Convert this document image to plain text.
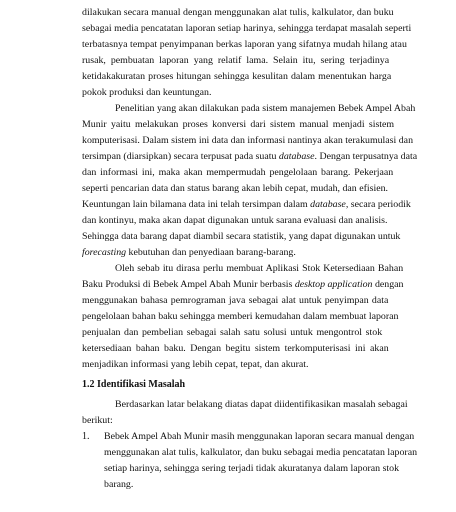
dilakukan secara manual dengan menggunakan alat tulis, kalkulator, dan buku
sebagai media pencatatan laporan setiap harinya, sehingga terdapat masalah seperti
terbatasnya tempat penyimpanan berkas laporan yang sifatnya mudah hilang atau
rusak, pembuatan laporan yang relatif lama. Selain itu, sering terjadinya
ketidakakuratan proses hitungan sehingga kesulitan dalam menentukan harga
pokok produksi dan keuntungan.
Penelitian yang akan dilakukan pada sistem manajemen Bebek Ampel Abah
Munir yaitu melakukan proses konversi dari sistem manual menjadi sistem
komputerisasi. Dalam sistem ini data dan informasi nantinya akan terakumulasi dan
tersimpan (diarsipkan) secara terpusat pada suatu database. Dengan terpusatnya data
dan informasi ini, maka akan mempermudah pengelolaan barang. Pekerjaan
seperti pencarian data dan status barang akan lebih cepat, mudah, dan efisien.
Keuntungan lain bilamana data ini telah tersimpan dalam database, secara periodik
dan kontinyu, maka akan dapat digunakan untuk sarana evaluasi dan analisis.
Sehingga data barang dapat diambil secara statistik, yang dapat digunakan untuk
forecasting kebutuhan dan penyediaan barang-barang.
Oleh sebab itu dirasa perlu membuat Aplikasi Stok Ketersediaan Bahan
Baku Produksi di Bebek Ampel Abah Munir berbasis desktop application dengan
menggunakan bahasa pemrograman java sebagai alat untuk penyimpan data
pengelolaan bahan baku sehingga memberi kemudahan dalam membuat laporan
penjualan dan pembelian sebagai salah satu solusi untuk mengontrol stok
ketersediaan bahan baku. Dengan begitu sistem terkomputerisasi ini akan
menjadikan informasi yang lebih cepat, tepat, dan akurat.
1.2 Identifikasi Masalah
Berdasarkan latar belakang diatas dapat diidentifikasikan masalah sebagai
berikut:
1. Bebek Ampel Abah Munir masih menggunakan laporan secara manual dengan
menggunakan alat tulis, kalkulator, dan buku sebagai media pencatatan laporan
setiap harinya, sehingga sering terjadi tidak akuratanya dalam laporan stok
barang.
